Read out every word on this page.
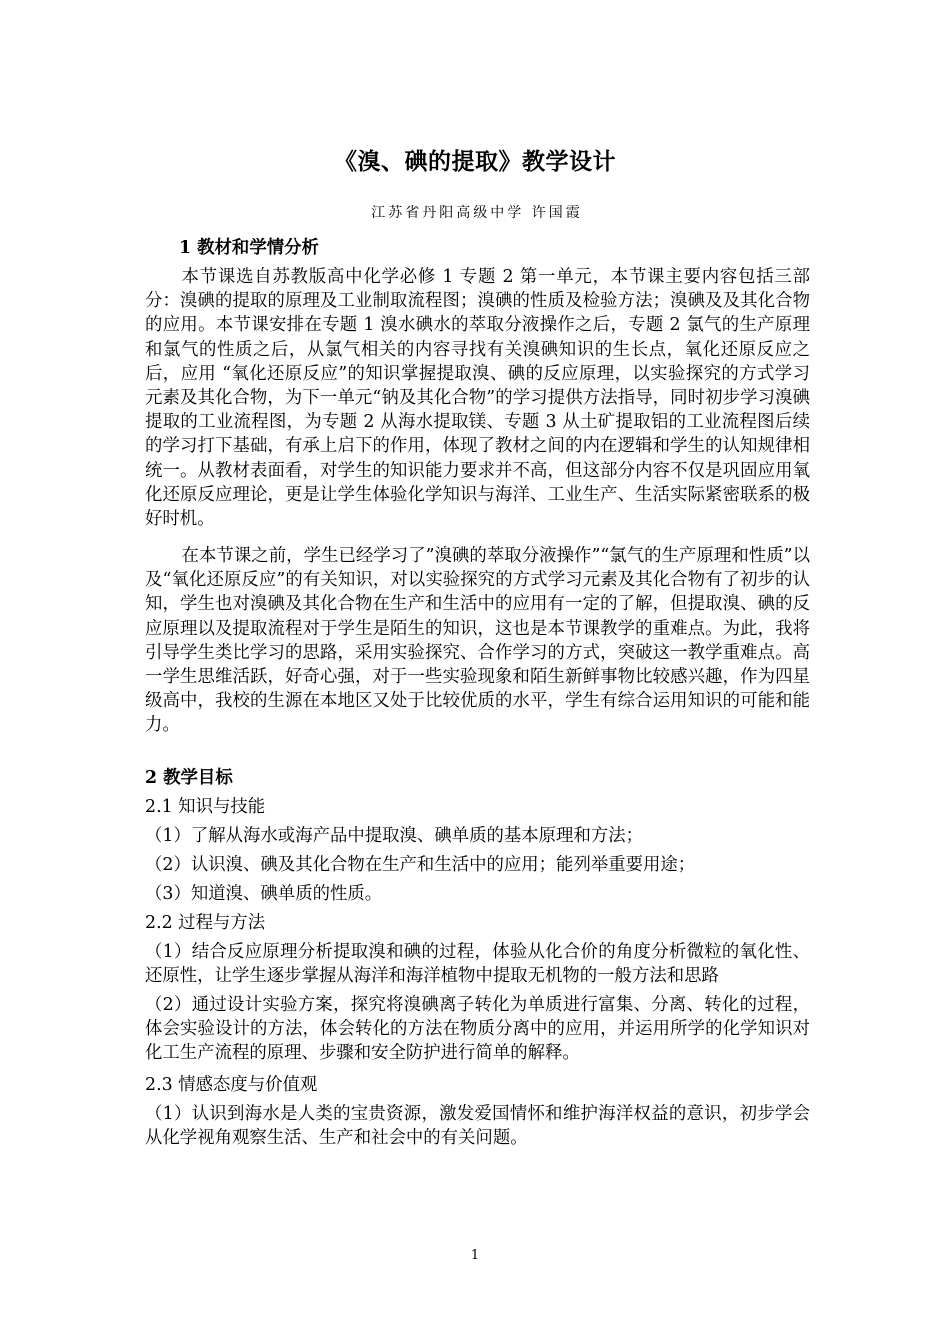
《溴、碘的提取》教学设计
江苏省丹阳高级中学 许国霞
1 教材和学情分析
本节课选自苏教版高中化学必修 1 专题 2 第一单元，本节课主要内容包括三部分：溴碘的提取的原理及工业制取流程图；溴碘的性质及检验方法；溴碘及及其化合物的应用。本节课安排在专题 1 溴水碘水的萃取分液操作之后，专题 2 氯气的生产原理和氯气的性质之后，从氯气相关的内容寻找有关溴碘知识的生长点，氧化还原反应之后，应用 “氧化还原反应”的知识掌握提取溴、碘的反应原理，以实验探究的方式学习元素及其化合物，为下一单元“钠及其化合物”的学习提供方法指导，同时初步学习溴碘提取的工业流程图，为专题 2 从海水提取镁、专题 3 从土矿提取铝的工业流程图后续的学习打下基础，有承上启下的作用，体现了教材之间的内在逻辑和学生的认知规律相统一。从教材表面看，对学生的知识能力要求并不高，但这部分内容不仅是巩固应用氧化还原反应理论，更是让学生体验化学知识与海洋、工业生产、生活实际紧密联系的极好时机。
在本节课之前，学生已经学习了”溴碘的萃取分液操作”“氯气的生产原理和性质”以及“氧化还原反应”的有关知识，对以实验探究的方式学习元素及其化合物有了初步的认知，学生也对溴碘及其化合物在生产和生活中的应用有一定的了解，但提取溴、碘的反应原理以及提取流程对于学生是陌生的知识，这也是本节课教学的重难点。为此，我将引导学生类比学习的思路，采用实验探究、合作学习的方式，突破这一教学重难点。高一学生思维活跃，好奇心强，对于一些实验现象和陌生新鲜事物比较感兴趣，作为四星级高中，我校的生源在本地区又处于比较优质的水平，学生有综合运用知识的可能和能力。
2 教学目标
2.1 知识与技能
（1）了解从海水或海产品中提取溴、碘单质的基本原理和方法；
（2）认识溴、碘及其化合物在生产和生活中的应用；能列举重要用途；
（3）知道溴、碘单质的性质。
2.2 过程与方法
（1）结合反应原理分析提取溴和碘的过程，体验从化合价的角度分析微粒的氧化性、还原性，让学生逐步掌握从海洋和海洋植物中提取无机物的一般方法和思路
（2）通过设计实验方案，探究将溴碘离子转化为单质进行富集、分离、转化的过程，体会实验设计的方法，体会转化的方法在物质分离中的应用，并运用所学的化学知识对化工生产流程的原理、步骤和安全防护进行简单的解释。
2.3 情感态度与价值观
（1）认识到海水是人类的宝贵资源，激发爱国情怀和维护海洋权益的意识，初步学会从化学视角观察生活、生产和社会中的有关问题。
1
